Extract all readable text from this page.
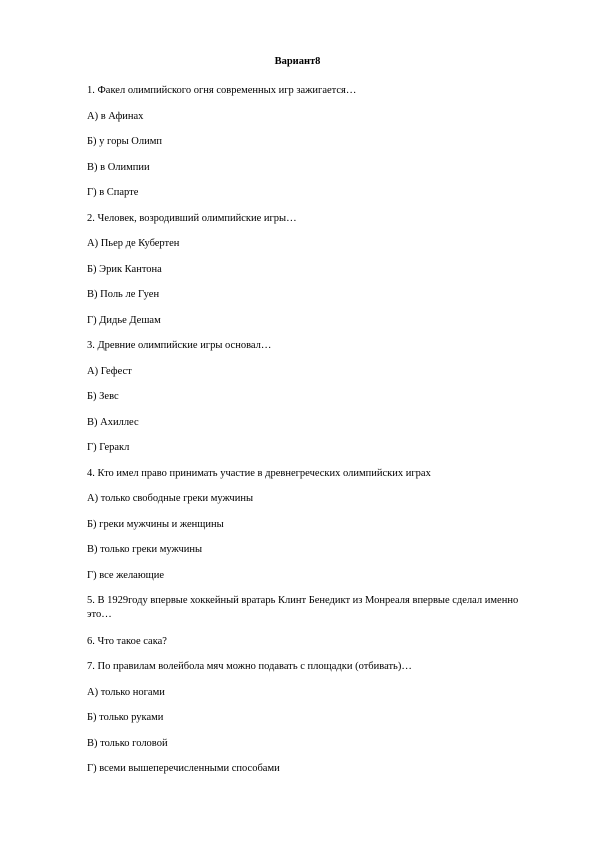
Вариант8

1. Факел олимпийского огня современных игр зажигается…

А) в Афинах

Б) у горы Олимп

В) в Олимпии

Г) в Спарте

2. Человек, возродивший олимпийские игры…

А) Пьер де Кубертен

Б) Эрик Кантона

В) Поль ле Гуен

Г) Дидье Дешам

3. Древние олимпийские игры основал…

А) Гефест

Б) Зевс

В) Ахиллес

Г) Геракл

4. Кто имел право принимать участие в древнегреческих олимпийских играх

А) только свободные греки мужчины

Б) греки мужчины и женщины

В) только греки мужчины

Г) все желающие

5. В 1929году впервые хоккейный вратарь Клинт Бенедикт из Монреаля впервые сделал именно это…

6. Что такое сака?

7. По правилам волейбола мяч можно подавать с площадки (отбивать)…

А) только ногами

Б) только руками

В) только головой

Г) всеми вышеперечисленными способами
